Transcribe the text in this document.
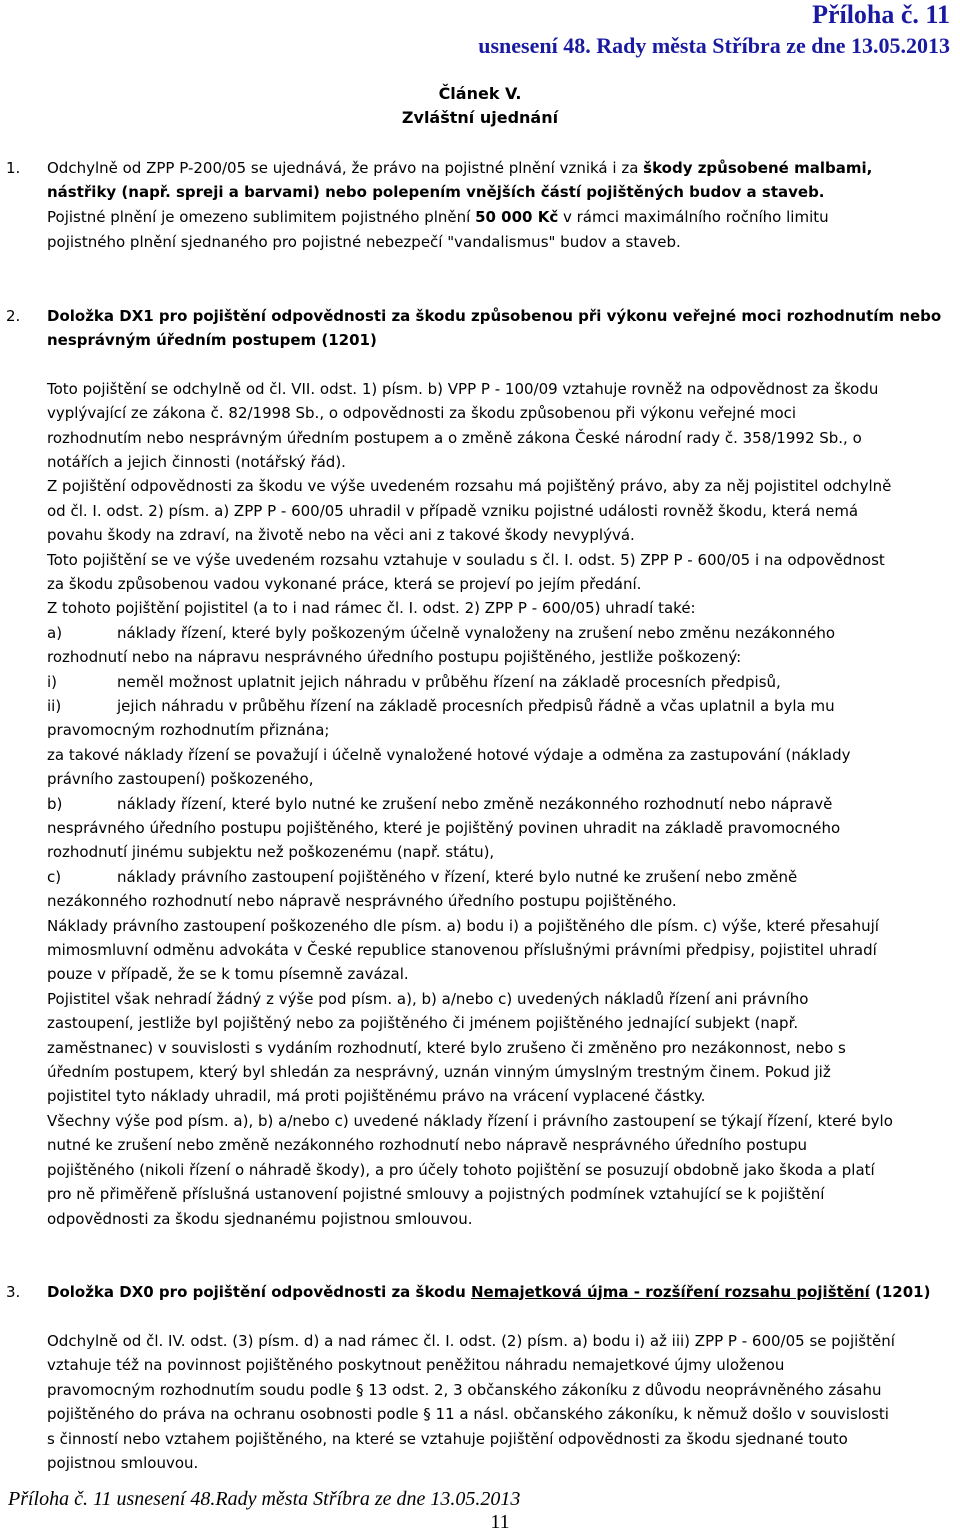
Příloha č. 11
usnesení 48. Rady města Stříbra ze dne 13.05.2013
Článek V.
Zvláštní ujednání
1. Odchylně od ZPP P-200/05 se ujednává, že právo na pojistné plnění vzniká i za škody způsobené malbami,
nástřiky (např. spreji a barvami) nebo polepením vnějších částí pojištěných budov a staveb.
Pojistné plnění je omezeno sublimitem pojistného plnění 50 000 Kč v rámci maximálního ročního limitu
pojistného plnění sjednaného pro pojistné nebezpečí "vandalismus" budov a staveb.
2. Doložka DX1 pro pojištění odpovědnosti za škodu způsobenou při výkonu veřejné moci rozhodnutím nebo
nesprávným úředním postupem (1201)
Toto pojištění se odchylně od čl. VII. odst. 1) písm. b) VPP P - 100/09 vztahuje rovněž na odpovědnost za škodu
vyplývající ze zákona č. 82/1998 Sb., o odpovědnosti za škodu způsobenou při výkonu veřejné moci
rozhodnutím nebo nesprávným úředním postupem a o změně zákona České národní rady č. 358/1992 Sb., o
notářích a jejich činnosti (notářský řád).
Z pojištění odpovědnosti za škodu ve výše uvedeném rozsahu má pojištěný právo, aby za něj pojistitel odchylně
od čl. I. odst. 2) písm. a) ZPP P - 600/05 uhradil v případě vzniku pojistné události rovněž škodu, která nemá
povahu škody na zdraví, na životě nebo na věci ani z takové škody nevyplývá.
Toto pojištění se ve výše uvedeném rozsahu vztahuje v souladu s čl. I. odst. 5) ZPP P - 600/05 i na odpovědnost
za škodu způsobenou vadou vykonané práce, která se projeví po jejím předání.
Z tohoto pojištění pojistitel (a to i nad rámec čl. I. odst. 2) ZPP P - 600/05) uhradí také:
a)	náklady řízení, které byly poškozeným účelně vynaloženy na zrušení nebo změnu nezákonného
rozhodnutí nebo na nápravu nesprávného úředního postupu pojištěného, jestliže poškozený:
i)	neměl možnost uplatnit jejich náhradu v průběhu řízení na základě procesních předpisů,
ii)	jejich náhradu v průběhu řízení na základě procesních předpisů řádně a včas uplatnil a byla mu
pravomocným rozhodnutím přiznána;
za takové náklady řízení se považují i účelně vynaložené hotové výdaje a odměna za zastupování (náklady
právního zastoupení) poškozeného,
b)	náklady řízení, které bylo nutné ke zrušení nebo změně nezákonného rozhodnutí nebo nápravě
nesprávného úředního postupu pojištěného, které je pojištěný povinen uhradit na základě pravomocného
rozhodnutí jinému subjektu než poškozenému (např. státu),
c)	náklady právního zastoupení pojištěného v řízení, které bylo nutné ke zrušení nebo změně
nezákonného rozhodnutí nebo nápravě nesprávného úředního postupu pojištěného.
Náklady právního zastoupení poškozeného dle písm. a) bodu i) a pojištěného dle písm. c) výše, které přesahují
mimosmluvní odměnu advokáta v České republice stanovenou příslušnými právními předpisy, pojistitel uhradí
pouze v případě, že se k tomu písemně zavázal.
Pojistitel však nehradí žádný z výše pod písm. a), b) a/nebo c) uvedených nákladů řízení ani právního
zastoupení, jestliže byl pojištěný nebo za pojištěného či jménem pojištěného jednající subjekt (např.
zaměstnanec) v souvislosti s vydáním rozhodnutí, které bylo zrušeno či změněno pro nezákonnost, nebo s
úředním postupem, který byl shledán za nesprávný, uznán vinným úmyslným trestným činem. Pokud již
pojistitel tyto náklady uhradil, má proti pojištěnému právo na vrácení vyplacené částky.
Všechny výše pod písm. a), b) a/nebo c) uvedené náklady řízení i právního zastoupení se týkají řízení, které bylo
nutné ke zrušení nebo změně nezákonného rozhodnutí nebo nápravě nesprávného úředního postupu
pojištěného (nikoli řízení o náhradě škody), a pro účely tohoto pojištění se posuzují obdobně jako škoda a platí
pro ně přiměřeně příslušná ustanovení pojistné smlouvy a pojistných podmínek vztahující se k pojištění
odpovědnosti za škodu sjednanému pojistnou smlouvou.
3. Doložka DX0 pro pojištění odpovědnosti za škodu Nemajetková újma - rozšíření rozsahu pojištění (1201)
Odchylně od čl. IV. odst. (3) písm. d) a nad rámec čl. I. odst. (2) písm. a) bodu i) až iii) ZPP P - 600/05 se pojištění
vztahuje též na povinnost pojištěného poskytnout peněžitou náhradu nemajetkové újmy uloženou
pravomocným rozhodnutím soudu podle § 13 odst. 2, 3 občanského zákoníku z důvodu neoprávněného zásahu
pojištěného do práva na ochranu osobnosti podle § 11 a násl. občanského zákoníku, k němuž došlo v souvislosti
s činností nebo vztahem pojištěného, na které se vztahuje pojištění odpovědnosti za škodu sjednané touto
pojistnou smlouvou.
Příloha č. 11 usnesení 48.Rady města Stříbra ze dne 13.05.2013
11
